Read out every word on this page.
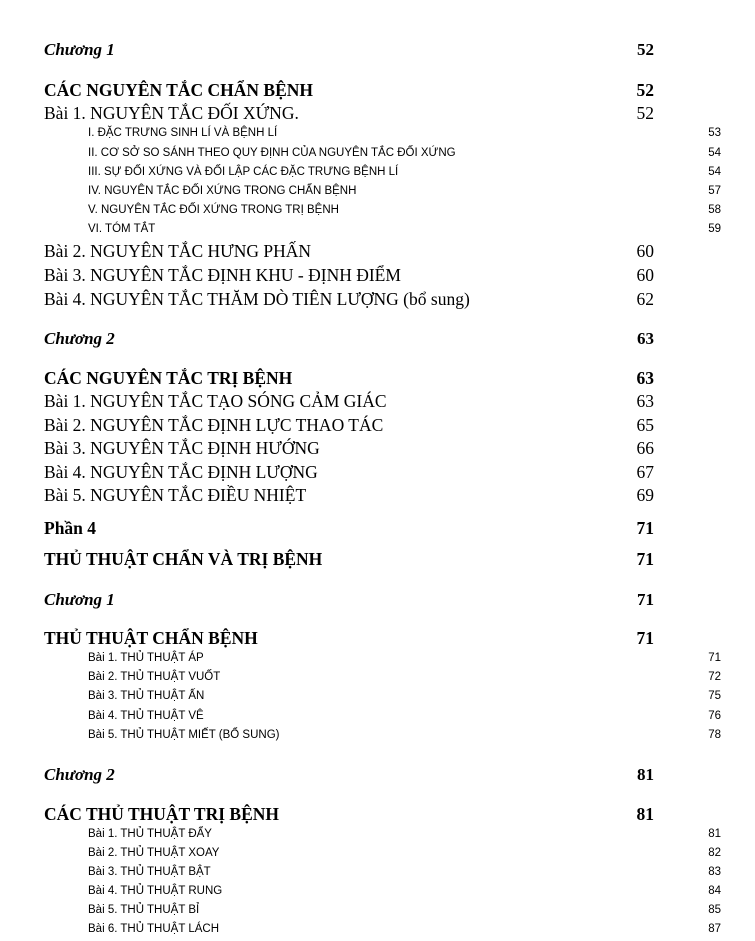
Chương 1	52
CÁC NGUYÊN TẮC CHẨN BỆNH	52
Bài 1. NGUYÊN TẮC ĐỐI XỨNG.	52
I. ĐẶC TRƯNG SINH LÍ VÀ BỆNH LÍ	53
II. CƠ SỞ SO SÁNH THEO QUY ĐỊNH CỦA NGUYÊN TẮC ĐỐI XỨNG	54
III. SỰ ĐỐI XỨNG VÀ ĐỐI LẬP CÁC ĐẶC TRƯNG BỆNH LÍ	54
IV. NGUYÊN TẮC ĐỐI XỨNG TRONG CHẨN BỆNH	57
V. NGUYÊN TẮC ĐỐI XỨNG TRONG TRỊ BỆNH	58
VI. TÓM TẮT	59
Bài 2. NGUYÊN TẮC HƯNG PHẤN	60
Bài 3. NGUYÊN TẮC ĐỊNH KHU - ĐỊNH ĐIỂM	60
Bài 4. NGUYÊN TẮC THĂM DÒ TIÊN LƯỢNG (bổ sung)	62
Chương 2	63
CÁC NGUYÊN TẮC TRỊ BỆNH	63
Bài 1. NGUYÊN TẮC TẠO SÓNG CẢM GIÁC	63
Bài 2. NGUYÊN TẮC ĐỊNH LỰC THAO TÁC	65
Bài 3. NGUYÊN TẮC ĐỊNH HƯỚNG	66
Bài 4. NGUYÊN TẮC ĐỊNH LƯỢNG	67
Bài 5. NGUYÊN TẮC ĐIỀU NHIỆT	69
Phần 4	71
THỦ THUẬT CHẨN VÀ TRỊ BỆNH	71
Chương 1	71
THỦ THUẬT CHẨN BỆNH	71
Bài 1. THỦ THUẬT ÁP	71
Bài 2. THỦ THUẬT VUỐT	72
Bài 3. THỦ THUẬT ẤN	75
Bài 4. THỦ THUẬT VÊ	76
Bài 5. THỦ THUẬT MIẾT (BỔ SUNG)	78
Chương 2	81
CÁC THỦ THUẬT TRỊ BỆNH	81
Bài 1. THỦ THUẬT ĐẨY	81
Bài 2. THỦ THUẬT XOAY	82
Bài 3. THỦ THUẬT BẬT	83
Bài 4. THỦ THUẬT RUNG	84
Bài 5. THỦ THUẬT BỈ	85
Bài 6. THỦ THUẬT LÁCH	87
